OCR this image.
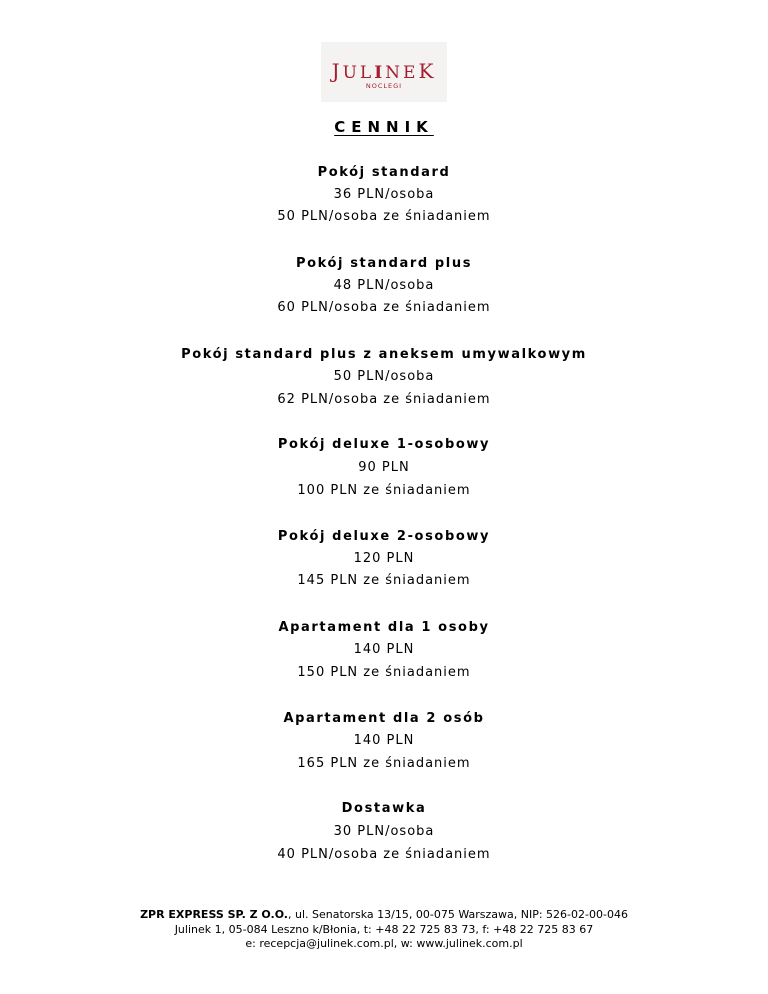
JULINEK
NOCLEGI
CENNIK
Pokój standard
36 PLN/osoba
50 PLN/osoba ze śniadaniem
Pokój standard plus
48 PLN/osoba
60 PLN/osoba ze śniadaniem
Pokój standard plus z aneksem umywalkowym
50 PLN/osoba
62 PLN/osoba ze śniadaniem
Pokój deluxe 1-osobowy
90 PLN
100 PLN ze śniadaniem
Pokój deluxe 2-osobowy
120 PLN
145 PLN ze śniadaniem
Apartament dla 1 osoby
140 PLN
150 PLN ze śniadaniem
Apartament dla 2 osób
140 PLN
165 PLN ze śniadaniem
Dostawka
30 PLN/osoba
40 PLN/osoba ze śniadaniem
ZPR EXPRESS SP. Z O.O., ul. Senatorska 13/15, 00-075 Warszawa, NIP: 526-02-00-046
Julinek 1, 05-084 Leszno k/Błonia, t: +48 22 725 83 73, f: +48 22 725 83 67
e: recepcja@julinek.com.pl, w: www.julinek.com.pl
